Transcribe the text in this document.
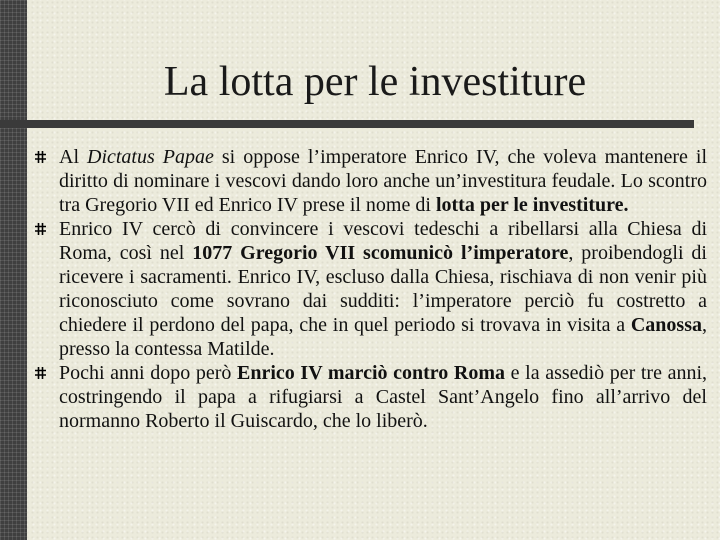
La lotta per le investiture
Al Dictatus Papae si oppose l’imperatore Enrico IV, che voleva mantenere il diritto di nominare i vescovi dando loro anche un’investitura feudale. Lo scontro tra Gregorio VII ed Enrico IV prese il nome di lotta per le investiture.
Enrico IV cercò di convincere i vescovi tedeschi a ribellarsi alla Chiesa di Roma, così nel 1077 Gregorio VII scomunicò l’imperatore, proibendogli di ricevere i sacramenti. Enrico IV, escluso dalla Chiesa, rischiava di non venir più riconosciuto come sovrano dai sudditi: l’imperatore perciò fu costretto a chiedere il perdono del papa, che in quel periodo si trovava in visita a Canossa, presso la contessa Matilde.
Pochi anni dopo però Enrico IV marciò contro Roma e la assediò per tre anni, costringendo il papa a rifugiarsi a Castel Sant’Angelo fino all’arrivo del normanno Roberto il Guiscardo, che lo liberò.
